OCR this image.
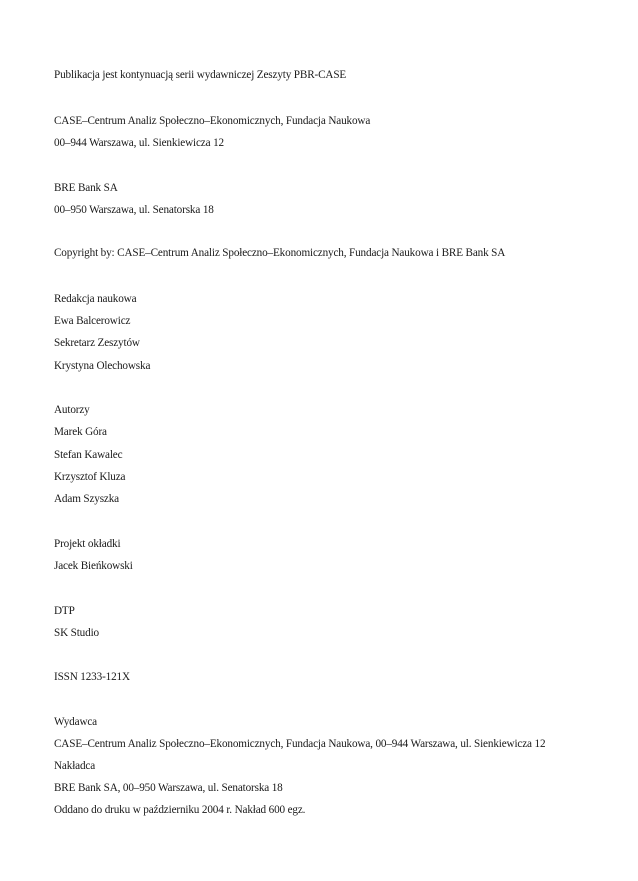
Publikacja jest kontynuacją serii wydawniczej Zeszyty PBR-CASE
CASE–Centrum Analiz Społeczno–Ekonomicznych, Fundacja Naukowa
00–944 Warszawa, ul. Sienkiewicza 12
BRE Bank SA
00–950 Warszawa, ul. Senatorska 18
Copyright by: CASE–Centrum Analiz Społeczno–Ekonomicznych, Fundacja Naukowa i BRE Bank SA
Redakcja naukowa
Ewa Balcerowicz
Sekretarz Zeszytów
Krystyna Olechowska
Autorzy
Marek Góra
Stefan Kawalec
Krzysztof Kluza
Adam Szyszka
Projekt okładki
Jacek Bieńkowski
DTP
SK Studio
ISSN 1233-121X
Wydawca
CASE–Centrum Analiz Społeczno–Ekonomicznych, Fundacja Naukowa, 00–944 Warszawa, ul. Sienkiewicza 12
Nakładca
BRE Bank SA, 00–950 Warszawa, ul. Senatorska 18
Oddano do druku w październiku 2004 r. Nakład 600 egz.
